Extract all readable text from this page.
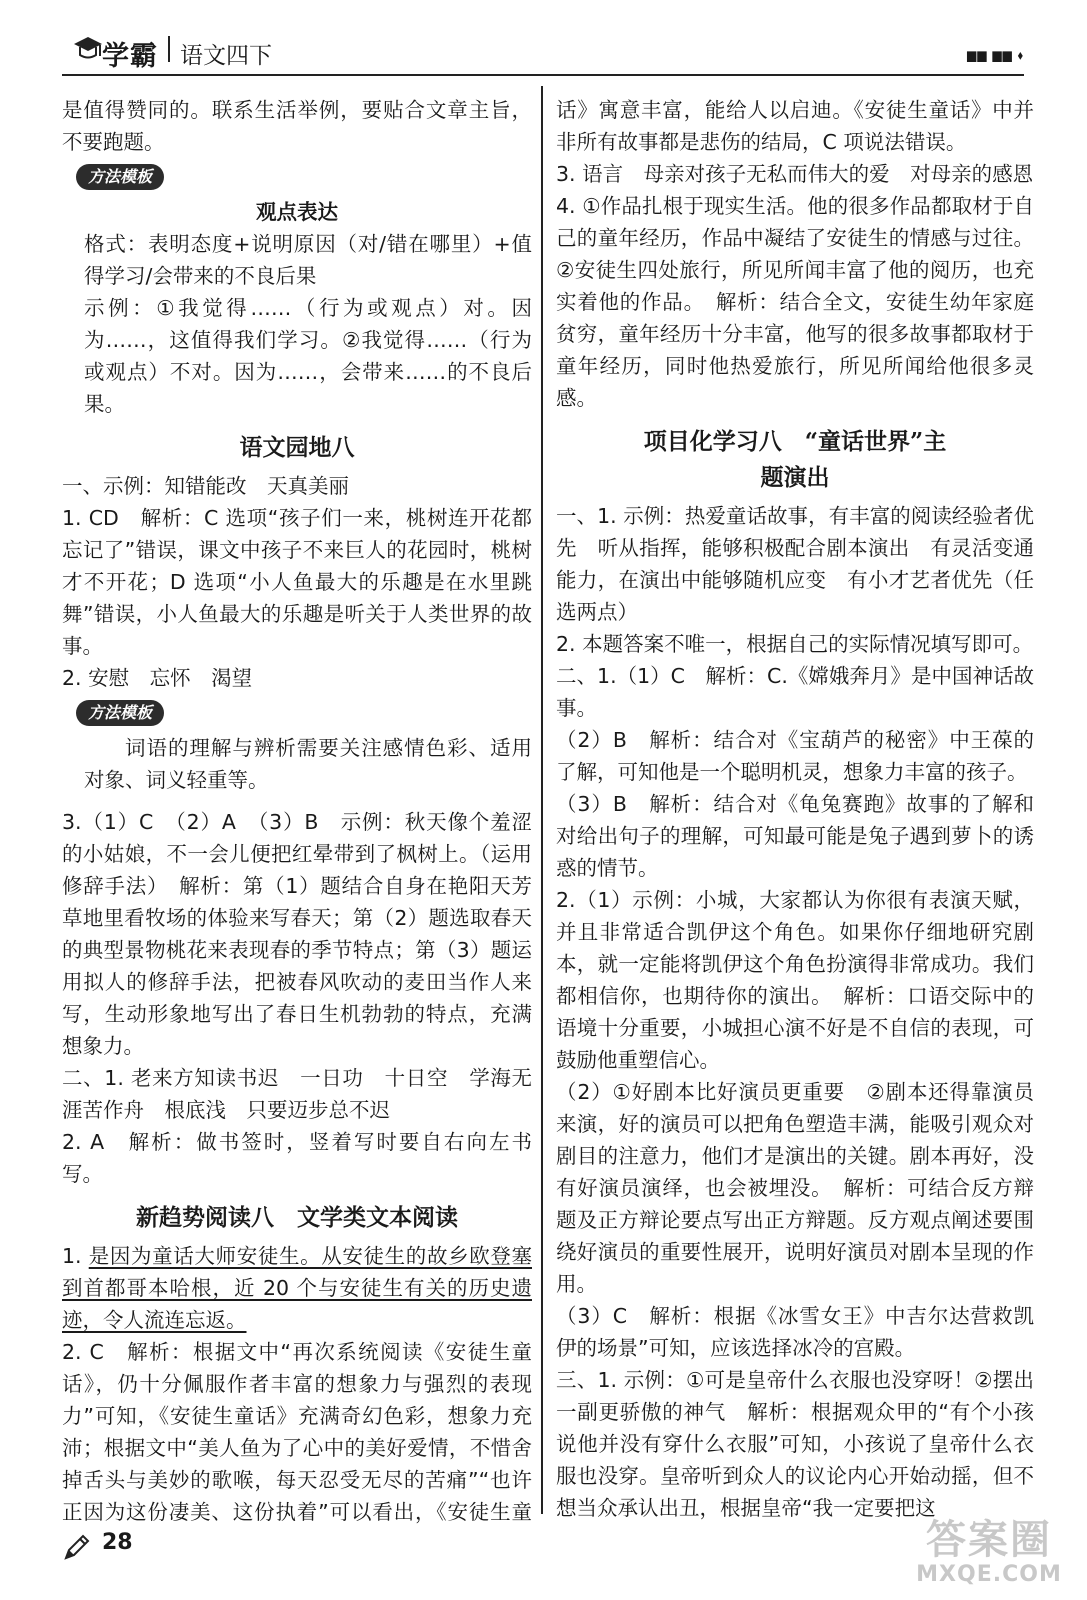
学霸 语文四下	▆▆ ▆▆ ⬧

是值得赞同的。联系生活举例，要贴合文章主旨，不要跑题。

方法模板

观点表达

格式：表明态度+说明原因（对/错在哪里）+值得学习/会带来的不良后果

示例：①我觉得……（行为或观点）对。因为……，这值得我们学习。②我觉得……（行为或观点）不对。因为……，会带来……的不良后果。

语文园地八

一、示例：知错能改　天真美丽

1. CD　解析：C 选项“孩子们一来，桃树连开花都忘记了”错误，课文中孩子不来巨人的花园时，桃树才不开花；D 选项“小人鱼最大的乐趣是在水里跳舞”错误，小人鱼最大的乐趣是听关于人类世界的故事。

2. 安慰　忘怀　渴望

方法模板

词语的理解与辨析需要关注感情色彩、适用对象、词义轻重等。

3.（1）C　（2）A　（3）B　示例：秋天像个羞涩的小姑娘，不一会儿便把红晕带到了枫树上。（运用修辞手法）　解析：第（1）题结合自身在艳阳天芳草地里看牧场的体验来写春天；第（2）题选取春天的典型景物桃花来表现春的季节特点；第（3）题运用拟人的修辞手法，把被春风吹动的麦田当作人来写，生动形象地写出了春日生机勃勃的特点，充满想象力。

二、1. 老来方知读书迟　一日功　十日空　学海无涯苦作舟　根底浅　只要迈步总不迟

2. A　解析：做书签时，竖着写时要自右向左书写。

新趋势阅读八　文学类文本阅读

1. 是因为童话大师安徒生。从安徒生的故乡欧登塞到首都哥本哈根，近 20 个与安徒生有关的历史遗迹，令人流连忘返。

2. C　解析：根据文中“再次系统阅读《安徒生童话》，仍十分佩服作者丰富的想象力与强烈的表现力”可知，《安徒生童话》充满奇幻色彩，想象力充沛；根据文中“美人鱼为了心中的美好爱情，不惜舍掉舌头与美妙的歌喉，每天忍受无尽的苦痛”“也许正因为这份凄美、这份执着”可以看出，《安徒生童

话》寓意丰富，能给人以启迪。《安徒生童话》中并非所有故事都是悲伤的结局，C 项说法错误。

3. 语言　母亲对孩子无私而伟大的爱　对母亲的感恩

4. ①作品扎根于现实生活。他的很多作品都取材于自己的童年经历，作品中凝结了安徒生的情感与过往。②安徒生四处旅行，所见所闻丰富了他的阅历，也充实着他的作品。　解析：结合全文，安徒生幼年家庭贫穷，童年经历十分丰富，他写的很多故事都取材于童年经历，同时他热爱旅行，所见所闻给他很多灵感。

项目化学习八　“童话世界”主

题演出

一、1. 示例：热爱童话故事，有丰富的阅读经验者优先　听从指挥，能够积极配合剧本演出　有灵活变通能力，在演出中能够随机应变　有小才艺者优先（任选两点）

2. 本题答案不唯一，根据自己的实际情况填写即可。

二、1.（1）C　解析：C.《嫦娥奔月》是中国神话故事。

（2）B　解析：结合对《宝葫芦的秘密》中王葆的了解，可知他是一个聪明机灵，想象力丰富的孩子。

（3）B　解析：结合对《龟兔赛跑》故事的了解和对给出句子的理解，可知最可能是兔子遇到萝卜的诱惑的情节。

2.（1）示例：小城，大家都认为你很有表演天赋，并且非常适合凯伊这个角色。如果你仔细地研究剧本，就一定能将凯伊这个角色扮演得非常成功。我们都相信你，也期待你的演出。　解析：口语交际中的语境十分重要，小城担心演不好是不自信的表现，可鼓励他重塑信心。

（2）①好剧本比好演员更重要　②剧本还得靠演员来演，好的演员可以把角色塑造丰满，能吸引观众对剧目的注意力，他们才是演出的关键。剧本再好，没有好演员演绎，也会被埋没。　解析：可结合反方辩题及正方辩论要点写出正方辩题。反方观点阐述要围绕好演员的重要性展开，说明好演员对剧本呈现的作用。

（3）C　解析：根据《冰雪女王》中吉尔达营救凯伊的场景”可知，应该选择冰冷的宫殿。

三、1. 示例：①可是皇帝什么衣服也没穿呀！②摆出一副更骄傲的神气　解析：根据观众甲的“有个小孩说他并没有穿什么衣服”可知，小孩说了皇帝什么衣服也没穿。皇帝听到众人的议论内心开始动摇，但不想当众承认出丑，根据皇帝“我一定要把这

28	答案圈
MXQE.COM
